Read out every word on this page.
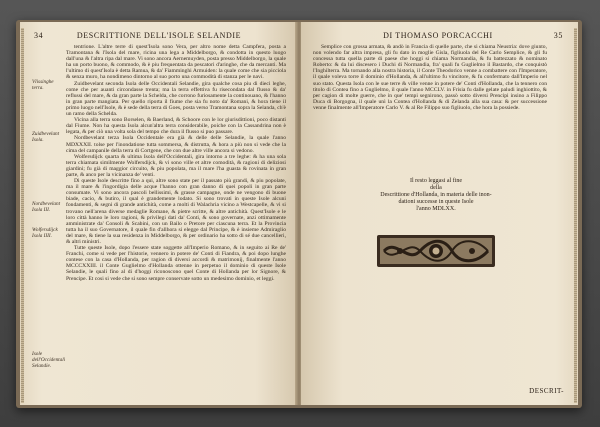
34	DESCRITTIONE DELL'ISOLE SELANDIE
Vlissinghe terra.
Zuidbevelant Isola.
Nordbevelant Isola III.
Wolfersdijck Isola IIII.
Isole dell'Occidentali Selandie.

tentrione. L'altre terre di quest'Isola sono Vera, per altro nome detta Campfera, posta a Tramontana & l'Isola del mare, ricina una lega a Middelborgo, & condotta in questo luogo dall'una & l'altra ripa dal mare. Vi sono ancora Aernemuyden, posta presso Middelborgo, la quale ha un porto buono, & commodo, & è piu frequentata da pescatori d'aringhe, che da mercanti. Ma l'ultimo di quest'Isola è detta Ramua, & da' Fiamminghi Armuiden: la quale come che sia picciola & senza muro, ha nondimeno dintorno al suo porto una commodità di stanza per le navi.

Zuidbevelant seconda Isola delle Occidentali Selandie, gira qualche cosa piu di dieci leghe, come che per auanti circondasse trenta; ma la terra effettiva fu risecondata dal flusso & da' reflussi del mare, & da gran parte la Schelda, che corrono furiosamente la continouano, & l'hanno in gran parte mangiata. Per quello riporta il fiume che sia fu noto da' Romani, & hora tiene il primo luogo nell'Isole, & è sede della terra di Goes, posta verso Tramontana sopra la Selanda, ch'è un ramo della Schelda.

Vicina alla terra sono Borselen, & Baerland, & Schoore con le lor giurisdittioni, poco distanti dal Fiume. Non ha questa Isola alcun'altra terra considerabile, poiche con la Cassandrina non è legata, & per ciò una volta sola del tempo che dura il flusso si puo passare.

Nordbevelant terza Isola Occidentale era già & delle delle Selandie, la quale l'anno MDXXXII. tolse per l'inondatione tutta sommersa, & distrutta, & hora a più non si vede che la cima del campanile della terra di Cortgene, che con due altre ville ancora si vedono.

Wolfersdijck quarta & ultima Isola dell'Occidentali, gira intorno a tre leghe: & ha una sola terra chiamata similmente Wolfersdijck, & vi sono ville et altre comodità, & ragioni di deliziosi giardini; fu già di maggior circuito, & piu popolata, ma il mare l'ha guasta & rovinata in gran parte, & anco per la vicinanza de' venti.

Di queste Isole descritte fino a qui, altre sono state per il passato più grandi, & piu popolate, ma il mare & l'ingordigia delle acque l'hanno con gran danno di quei popoli in gran parte consumate. Vi sono ancora pascoli bellissimi, & grasse campagne, onde ne vengono di buone biade, cacio, & butiro, il qual è grandemente lodato. Si sono trovati in queste Isole alcuni fondamenti, & segni di grande antichità, come a molti di Walachria vicino a Westcapelle, & vi si trovano nell'arena diverse medaglie Romane, & pietre scritte, & altre antichità. Quest'Isole e le loro città hanno le loro ragioni, & privilegi dati da' Conti, & sono governate, anzi ottimamente amministrate da' Consoli & Scabini, con un Bailo o Pretore per ciascuna terra. Et la Provincia tutta ha il suo Governatore, il quale fin d'allhora si elegge dal Principe, & è insieme Admiraglio del mare, & tiene la sua residenza in Middelborgo, & per ordinario ha sotto di sé due cancellieri, & altri ministri.

Tutte queste Isole, dopo l'essere state soggette all'Imperio Romano, & in seguito ai Re de' Franchi, come si vede per l'historie, vennero in potere de' Conti di Fiandra, & poi dopo lunghe contese con la casa d'Hollanda, per ragion di diversi accordi & matrimonij, finalmente l'anno MCCCXXIII. il Conte Guglielmo d'Hollanda ottenne in perpetuo il dominio di queste Isole Selandie, le quali fino al di d'hoggi riconoscono quel Conte di Hollanda per lor Signore, & Prencipe. Et cosi si vede che si sono sempre conservate sotto un medesimo dominio, et leggi.

DI THOMASO PORCACCHI	35

Semplice con grossa armata, & andò in Francia di quelle parte, che si chiama Neustria: dove giunto, non volendo far altra impresa, gli fu dato in moglie Gisla, figliuola del Re Carlo Semplice, & gli fu concessa tutta quella parte di paese che hoggi si chiama Normandia, & fu battezzato & nominato Roberto: & da lui discesero i Duchi di Normandia, fra' quali fu Guglielmo il Bastardo, che conquistò l'Inghilterra. Ma tornando alla nostra historia, il Conte Theodorico venne a combattere con l'Imperatore, il quale voleva torre il dominio d'Hollanda, & all'ultimo fu vincitore, & fu confermato dall'Imperio nel suo stato. Questa Isola con le sue terre & ville venne in potere de' Conti d'Hollanda, che la tennero con titolo di Contea fino a Guglielmo, il quale l'anno MCCLV. in Frisia fu dalle gelate paludi inghiottito, & per cagion di molte guerre, che in que' tempi segnirono, passò sotto diversi Prencipi insino a Filippo Duca di Borgogna, il quale unì la Contea d'Hollanda & di Zelanda alla sua casa: & per successione venne finalmente all'Imperatore Carlo V. & al Re Filippo suo figliuolo, che hora la possiede.

Il resto leggasi al fine
della
Descrittione d'Hollanda, in materia delle inon-
dationi successe in queste Isole
l'anno MDLXX.
DESCRIT-
